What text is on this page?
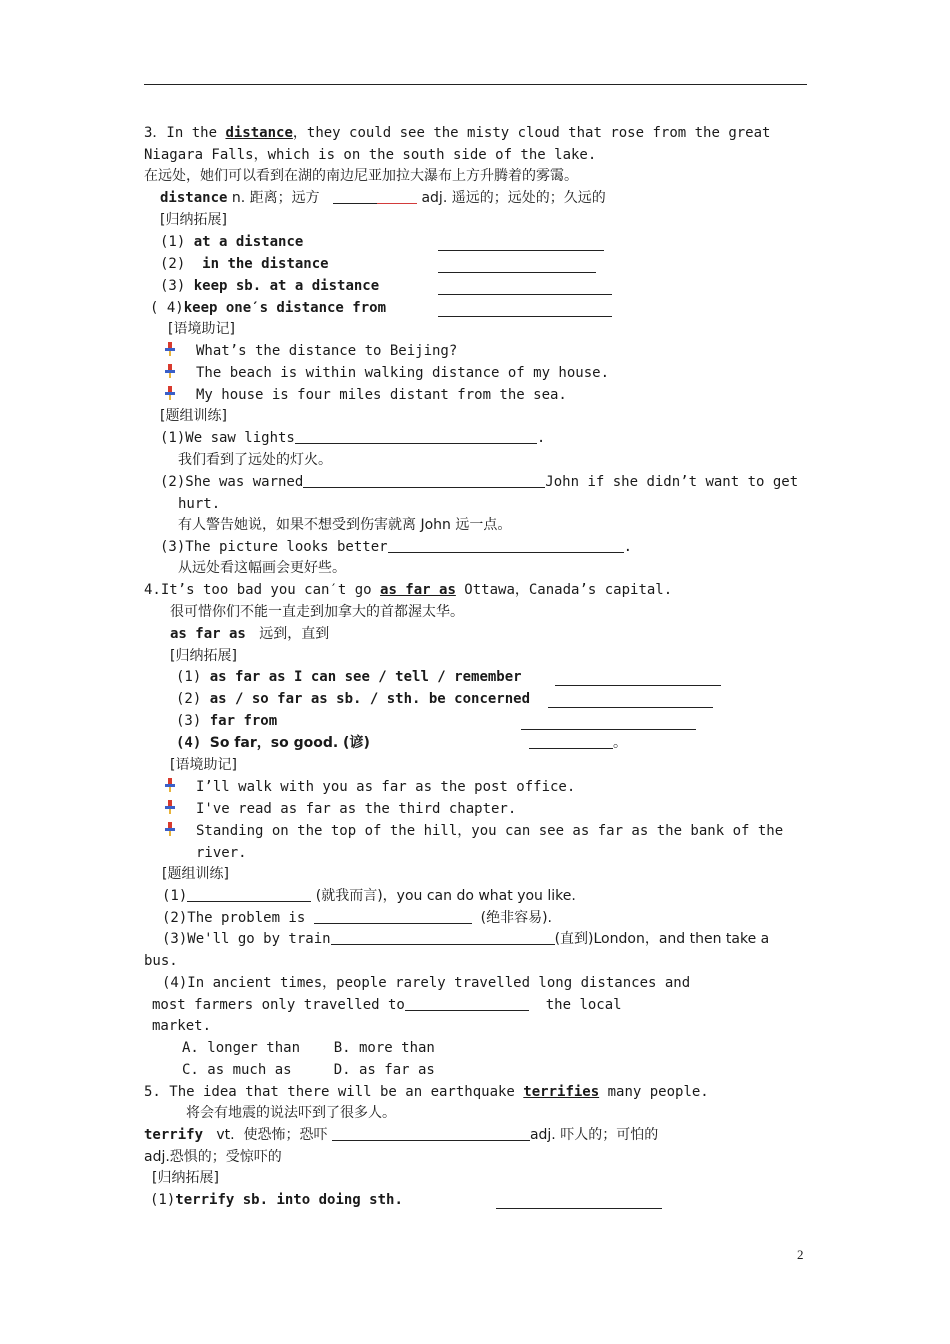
3．In the distance，they could see the misty cloud that rose from the great
Niagara Falls，which is on the south side of the lake.
在远处，她们可以看到在湖的南边尼亚加拉大瀑布上方升腾着的雾霭。
distance n. 距离；远方	adj. 遥远的；远处的；久远的
[归纳拓展]
(1) at a distance
(2)  in the distance
(3) keep sb. at a distance
( 4)keep one′s distance from
[语境助记]
What’s the distance to Beijing?
The beach is within walking distance of my house.
My house is four miles distant from the sea.
[题组训练]
(1)We saw lights	.
我们看到了远处的灯火。
(2)She was warned	John if she didn’t want to get
hurt.
有人警告她说，如果不想受到伤害就离 John 远一点。
(3)The picture looks better	.
从远处看这幅画会更好些。
4.It’s too bad you can′t go as far as Ottawa，Canada’s capital.
很可惜你们不能一直走到加拿大的首都渥太华。
as far as   远到，直到
[归纳拓展]
(1) as far as I can see / tell / remember
(2) as / so far as sb. / sth. be concerned
(3) far from
(4) So far，so good. (谚)	。
[语境助记]
I’ll walk with you as far as the post office.
I've read as far as the third chapter.
Standing on the top of the hill，you can see as far as the bank of the
river.
[题组训练]
(1)	(就我而言)，you can do what you like.
(2)The problem is	(绝非容易).
(3)We'll go by train	(直到)London，and then take a
bus.
(4)In ancient times，people rarely travelled long distances and
most farmers only travelled to	the local
market.
A. longer than    B. more than
C. as much as     D. as far as
5. The idea that there will be an earthquake terrifies many people.
将会有地震的说法吓到了很多人。
terrify   vt.  使恐怖；恐吓	adj. 吓人的；可怕的
adj.恐惧的；受惊吓的
[归纳拓展]
(1)terrify sb. into doing sth.
2
